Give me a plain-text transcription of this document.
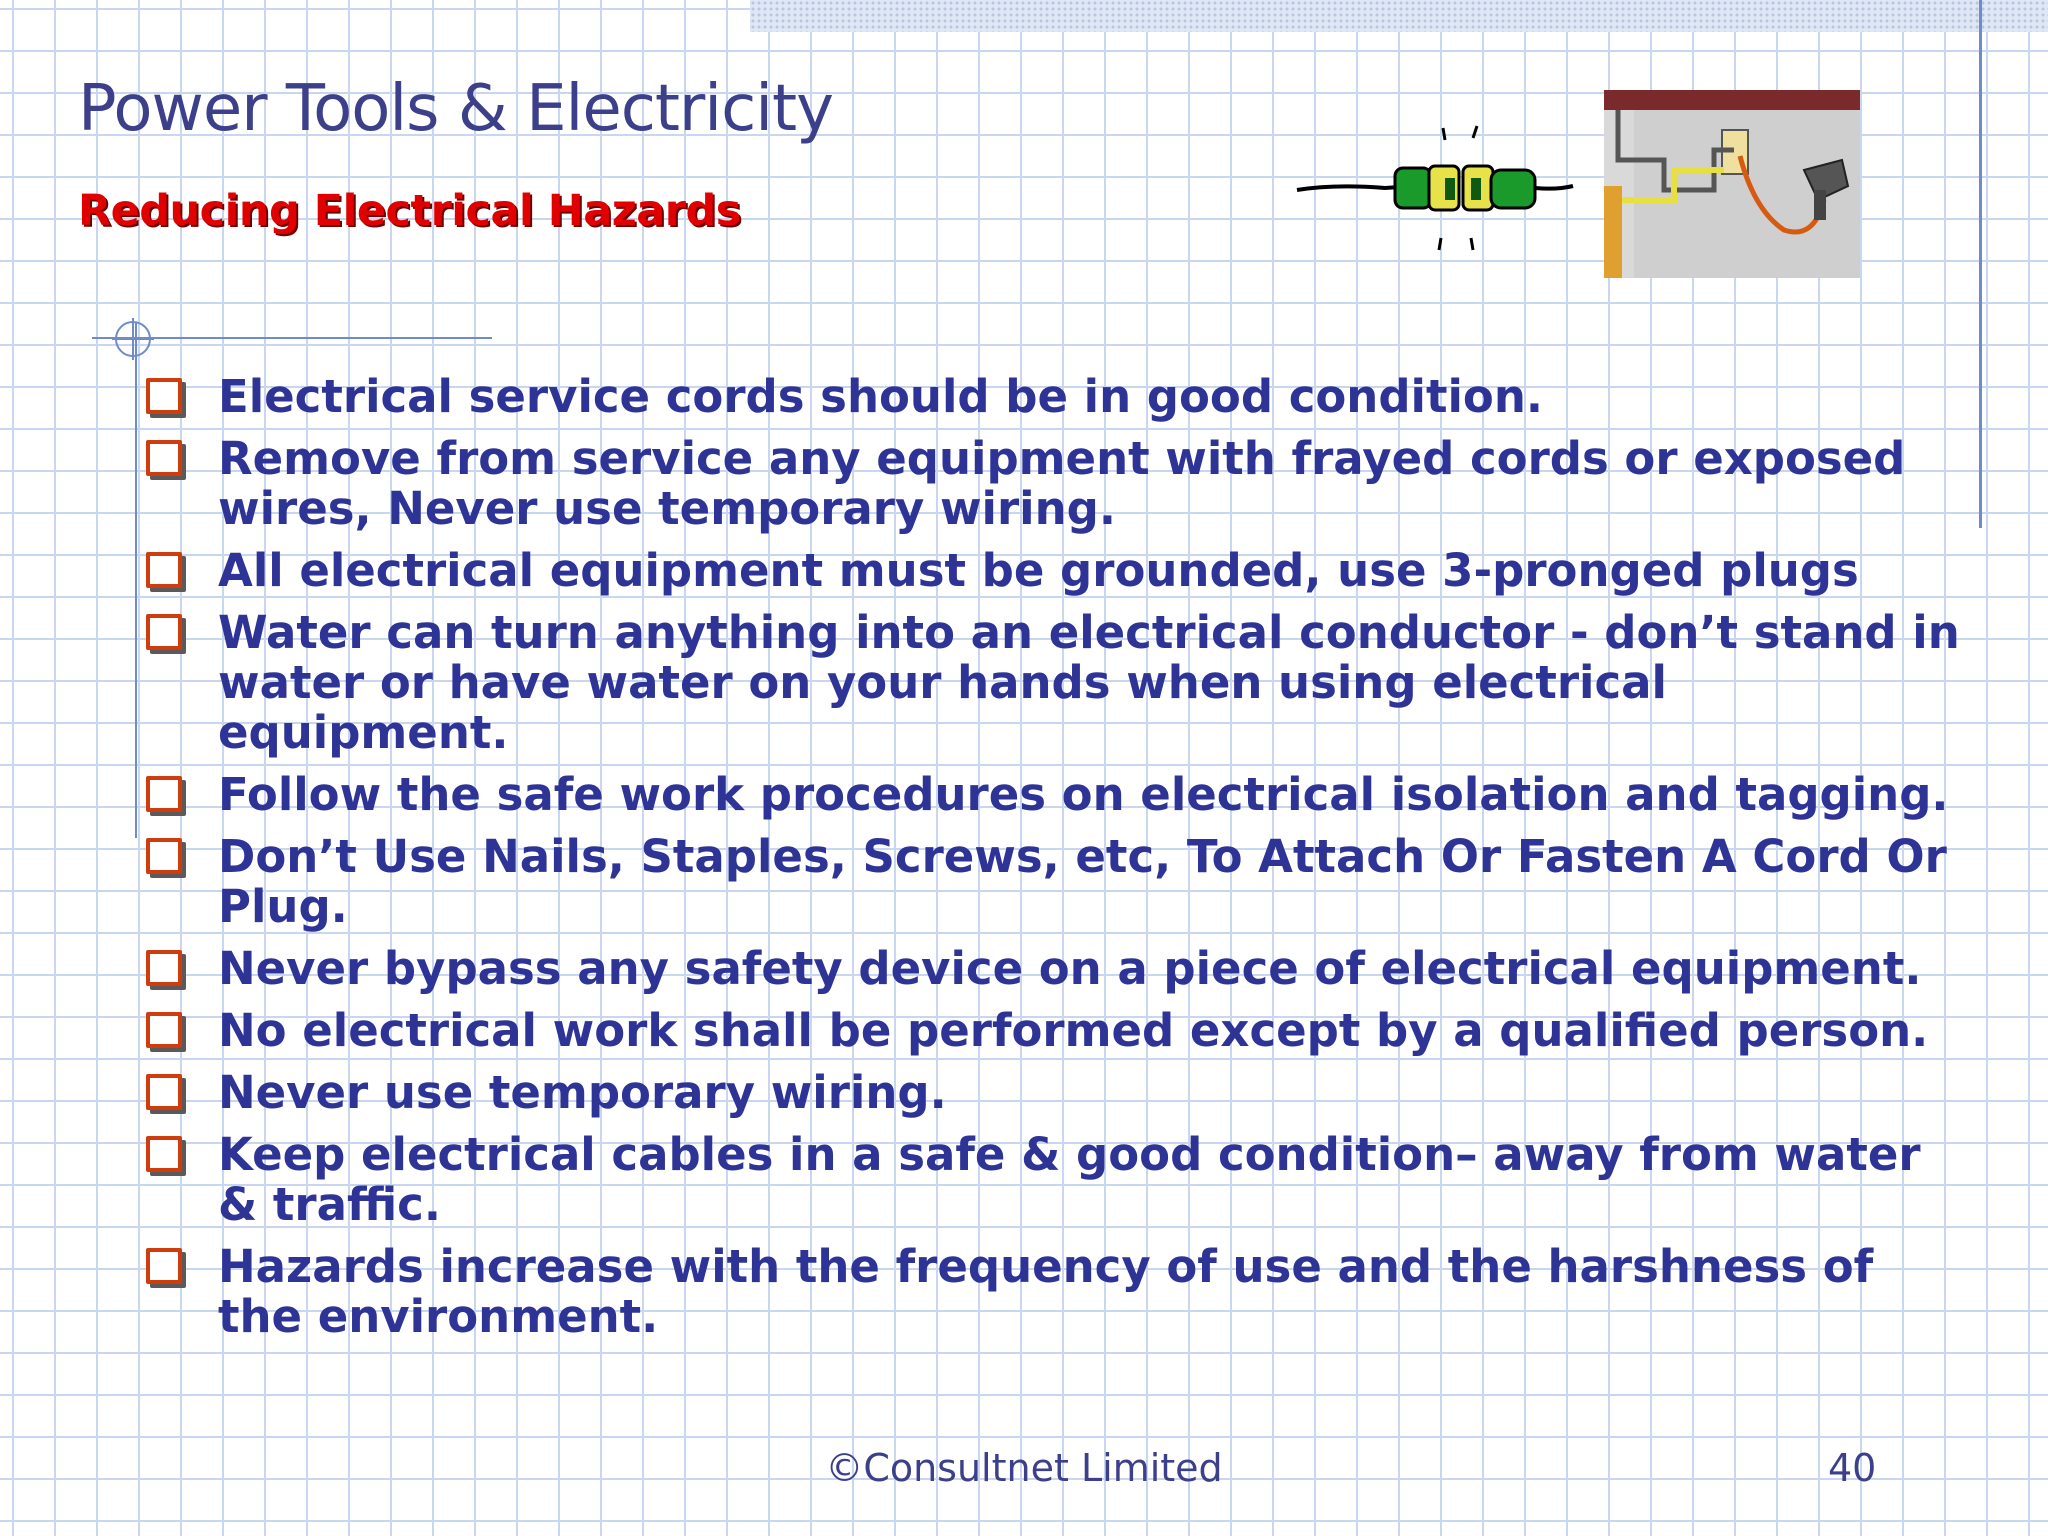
Power Tools & Electricity
Reducing Electrical Hazards
Electrical service cords should be in good condition.
Remove from service any equipment with frayed cords or exposed wires, Never use temporary wiring.
All electrical equipment must be grounded, use 3-pronged plugs
Water can turn anything into an electrical conductor - don’t stand in water or have water on your hands when using electrical equipment.
Follow the safe work procedures on electrical isolation and tagging.
Don’t Use Nails, Staples, Screws, etc, To Attach Or Fasten A Cord Or Plug.
Never bypass any safety device on a piece of electrical equipment.
No electrical work shall be performed except by a qualified person.
Never use temporary wiring.
Keep electrical cables in a safe & good condition– away from water & traffic.
Hazards increase with the frequency of use and the harshness of the environment.
©Consultnet Limited	40
